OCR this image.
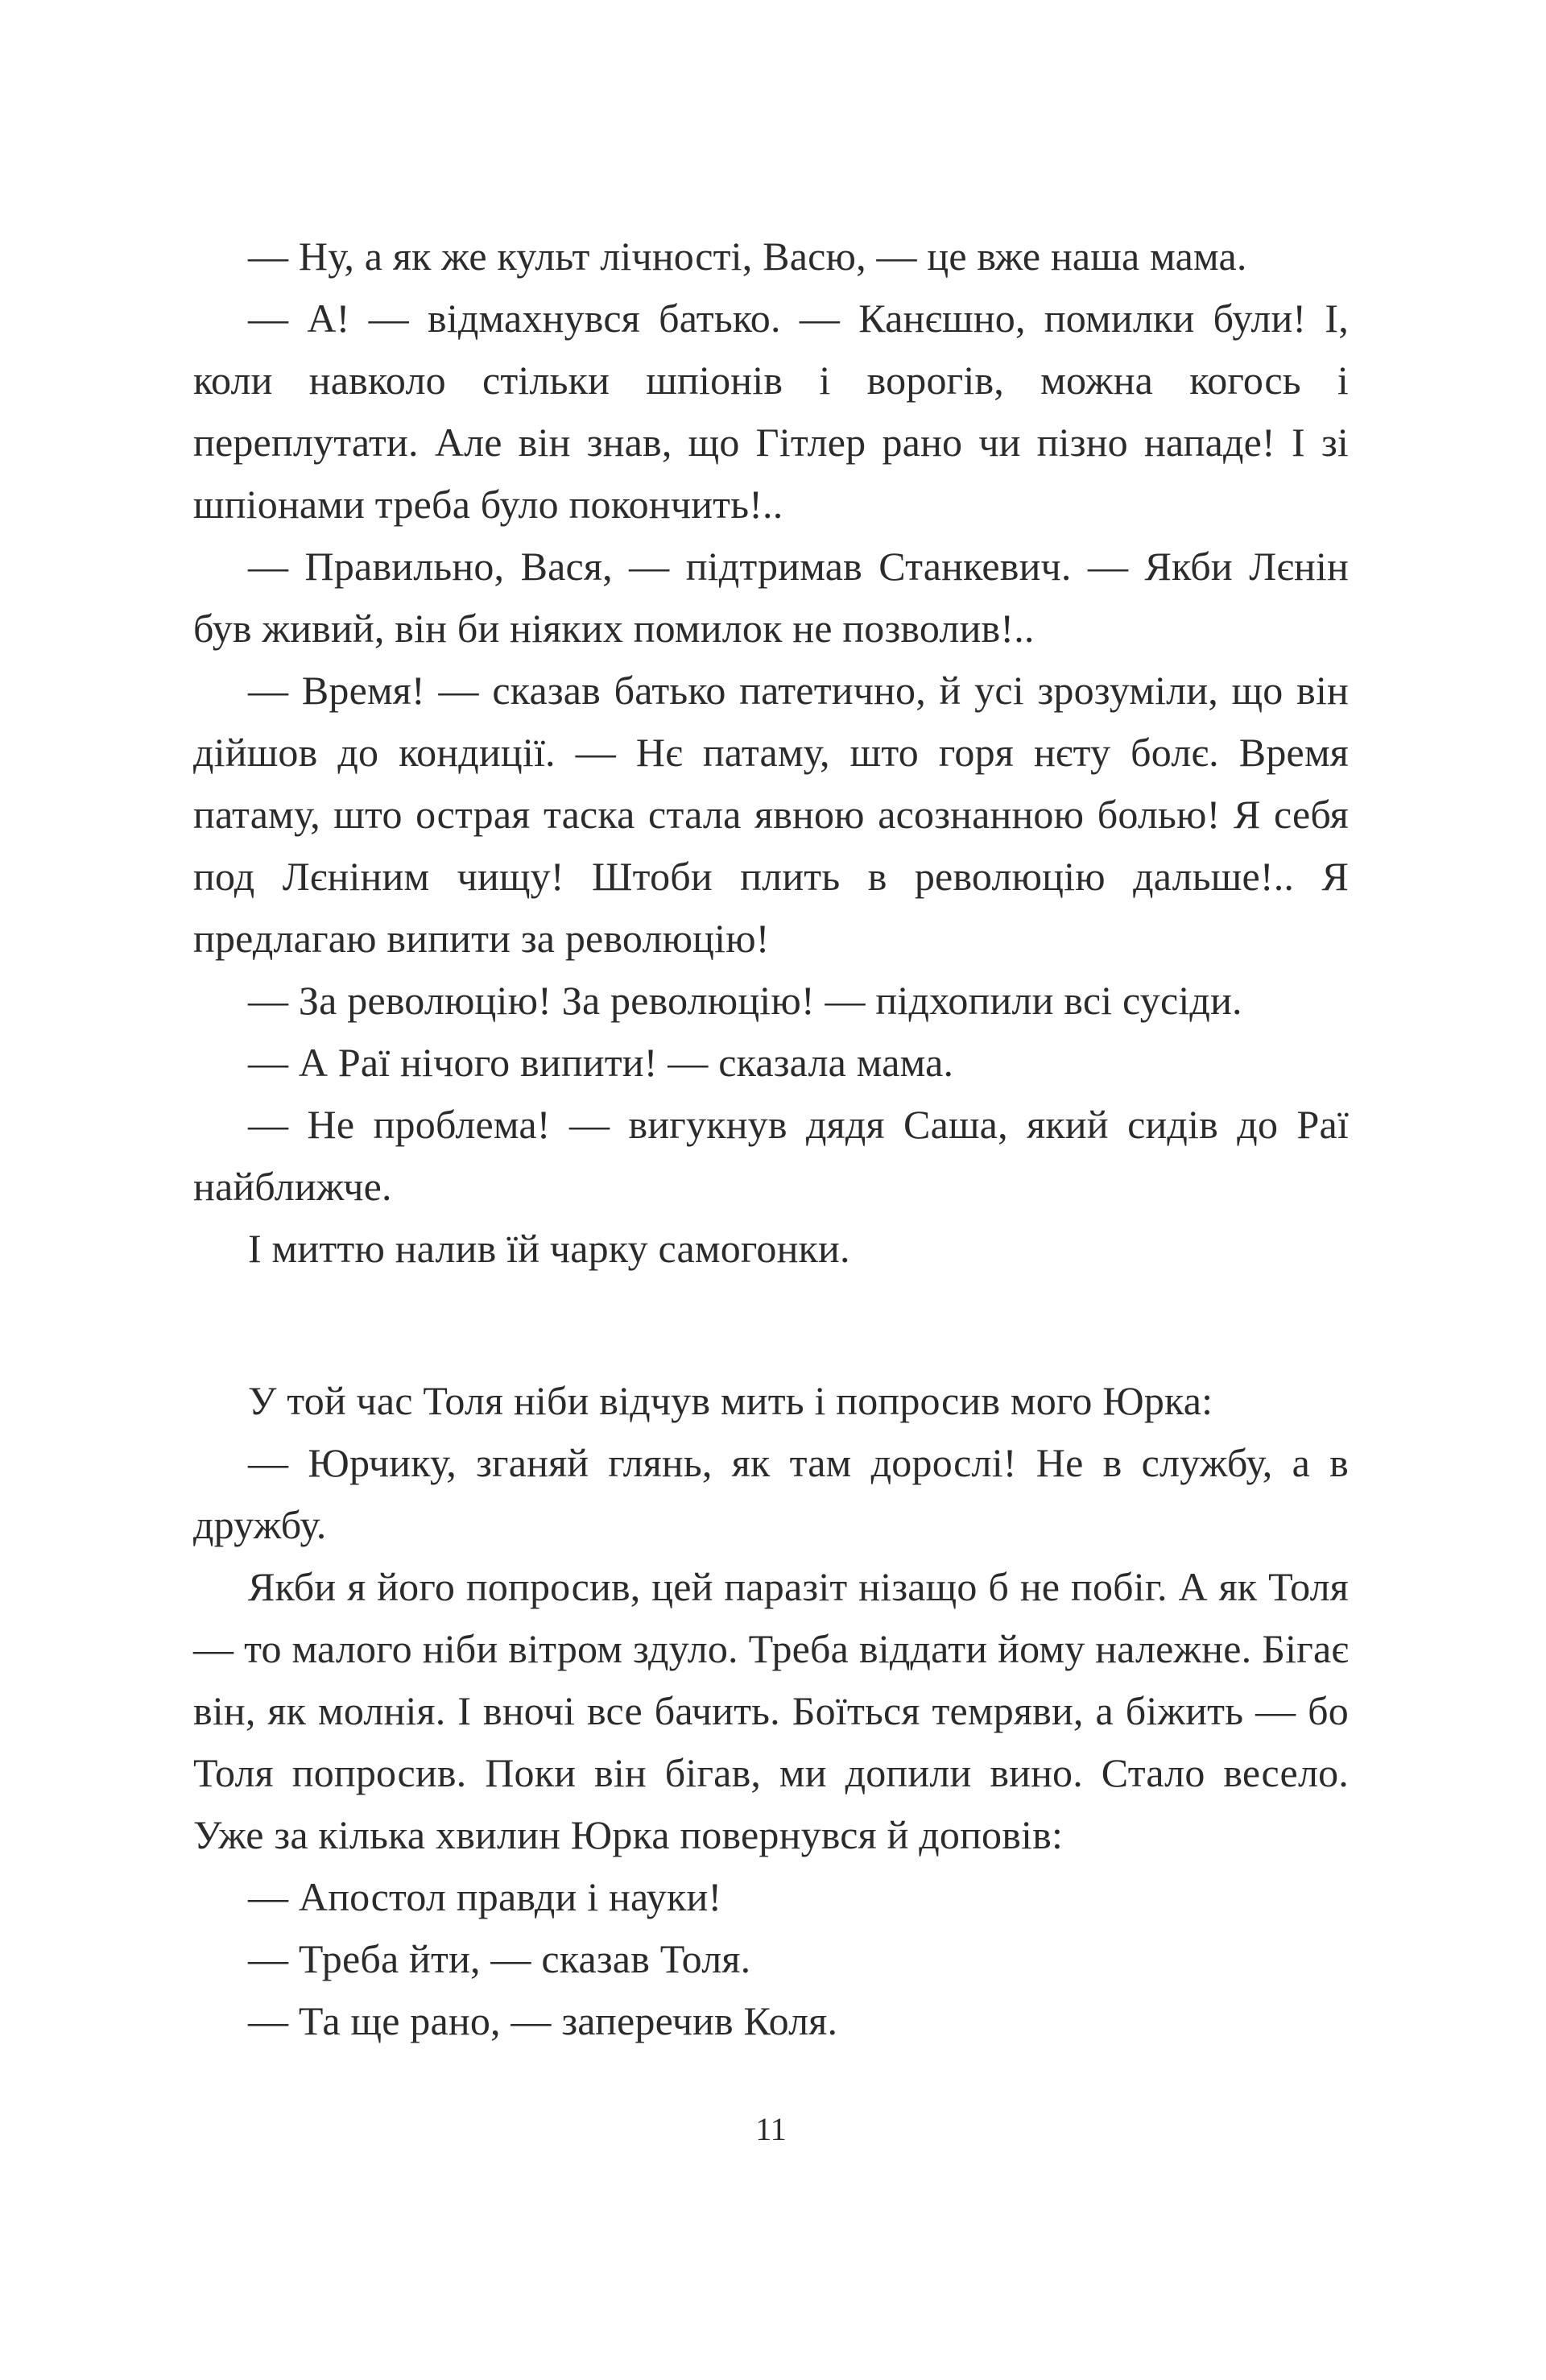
— Ну, а як же культ лічності, Васю, — це вже наша мама.

— А! — відмахнувся батько. — Канєшно, помилки були! І, коли навколо стільки шпіонів і ворогів, можна когось і переплутати. Але він знав, що Гітлер рано чи пізно нападе! І зі шпіонами треба було покончить!..

— Правильно, Вася, — підтримав Станкевич. — Якби Лєнін був живий, він би ніяких помилок не позволив!..

— Время! — сказав батько патетично, й усі зрозуміли, що він дійшов до кондиції. — Нє патаму, што горя нєту болє. Время патаму, што острая таска стала явною асознанною болью! Я себя под Лєніним чищу! Штоби плить в революцію дальше!.. Я предлагаю випити за революцію!

— За революцію! За революцію! — підхопили всі сусіди.

— А Раї нічого випити! — сказала мама.

— Не проблема! — вигукнув дядя Саша, який сидів до Раї найближче.

І миттю налив їй чарку самогонки.

У той час Толя ніби відчув мить і попросив мого Юрка:

— Юрчику, зганяй глянь, як там дорослі! Не в службу, а в дружбу.

Якби я його попросив, цей паразіт нізащо б не побіг. А як Толя — то малого ніби вітром здуло. Треба віддати йому належне. Бігає він, як молнія. І вночі все бачить. Боїться темряви, а біжить — бо Толя попросив. Поки він бігав, ми допили вино. Стало весело. Уже за кілька хвилин Юрка повернувся й доповів:

— Апостол правди і науки!

— Треба йти, — сказав Толя.

— Та ще рано, — заперечив Коля.

11
